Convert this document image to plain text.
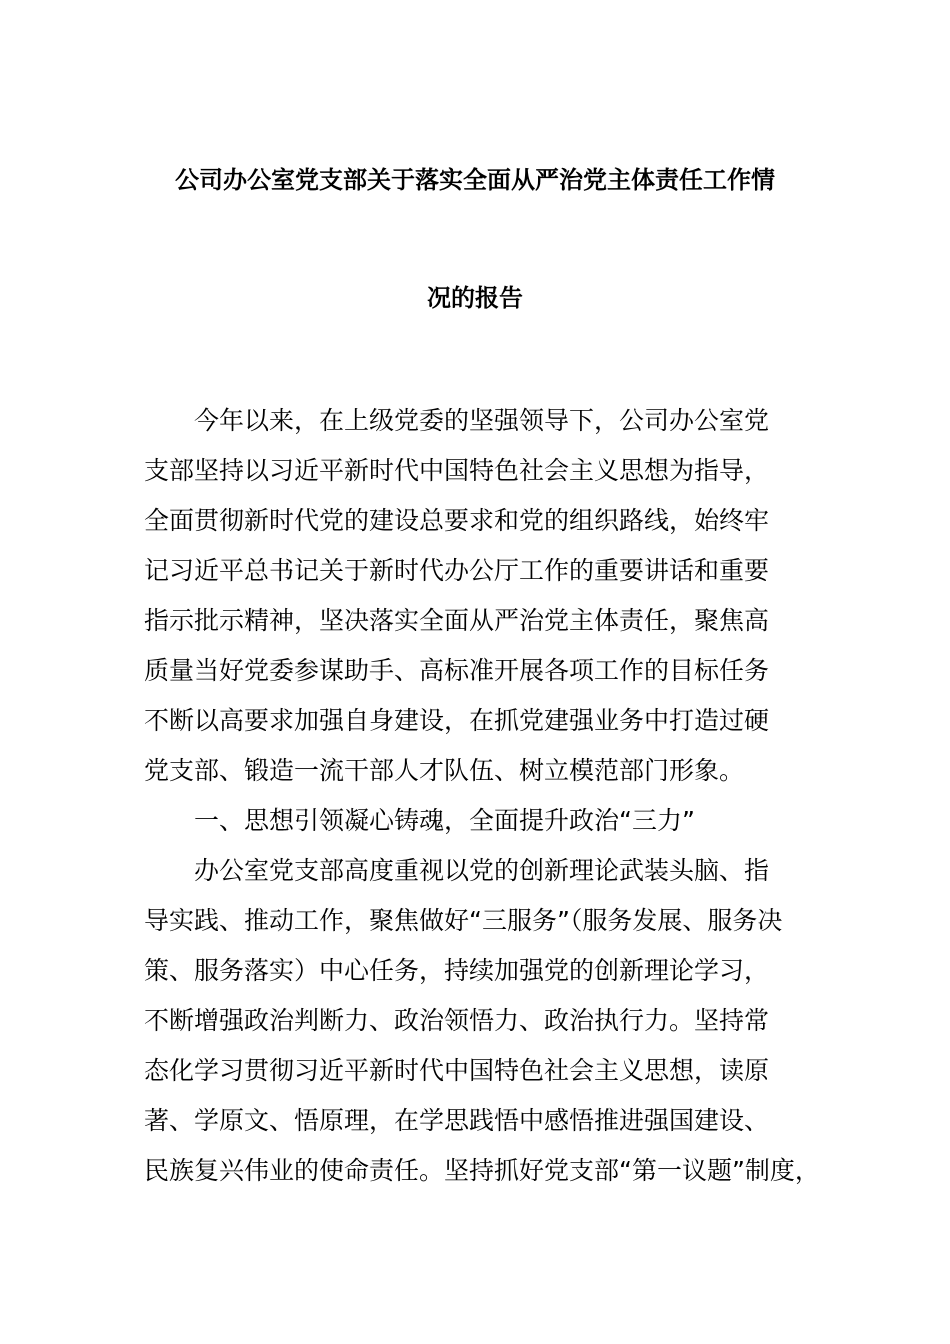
公司办公室党支部关于落实全面从严治党主体责任工作情
况的报告
　　今年以来，在上级党委的坚强领导下，公司办公室党
支部坚持以习近平新时代中国特色社会主义思想为指导，
全面贯彻新时代党的建设总要求和党的组织路线，始终牢
记习近平总书记关于新时代办公厅工作的重要讲话和重要
指示批示精神，坚决落实全面从严治党主体责任，聚焦高
质量当好党委参谋助手、高标准开展各项工作的目标任务
不断以高要求加强自身建设，在抓党建强业务中打造过硬
党支部、锻造一流干部人才队伍、树立模范部门形象。
　　一、思想引领凝心铸魂，全面提升政治“三力”
　　办公室党支部高度重视以党的创新理论武装头脑、指
导实践、推动工作，聚焦做好“三服务”（服务发展、服务决
策、服务落实）中心任务，持续加强党的创新理论学习，
不断增强政治判断力、政治领悟力、政治执行力。坚持常
态化学习贯彻习近平新时代中国特色社会主义思想，读原
著、学原文、悟原理，在学思践悟中感悟推进强国建设、
民族复兴伟业的使命责任。坚持抓好党支部“第一议题”制度，
